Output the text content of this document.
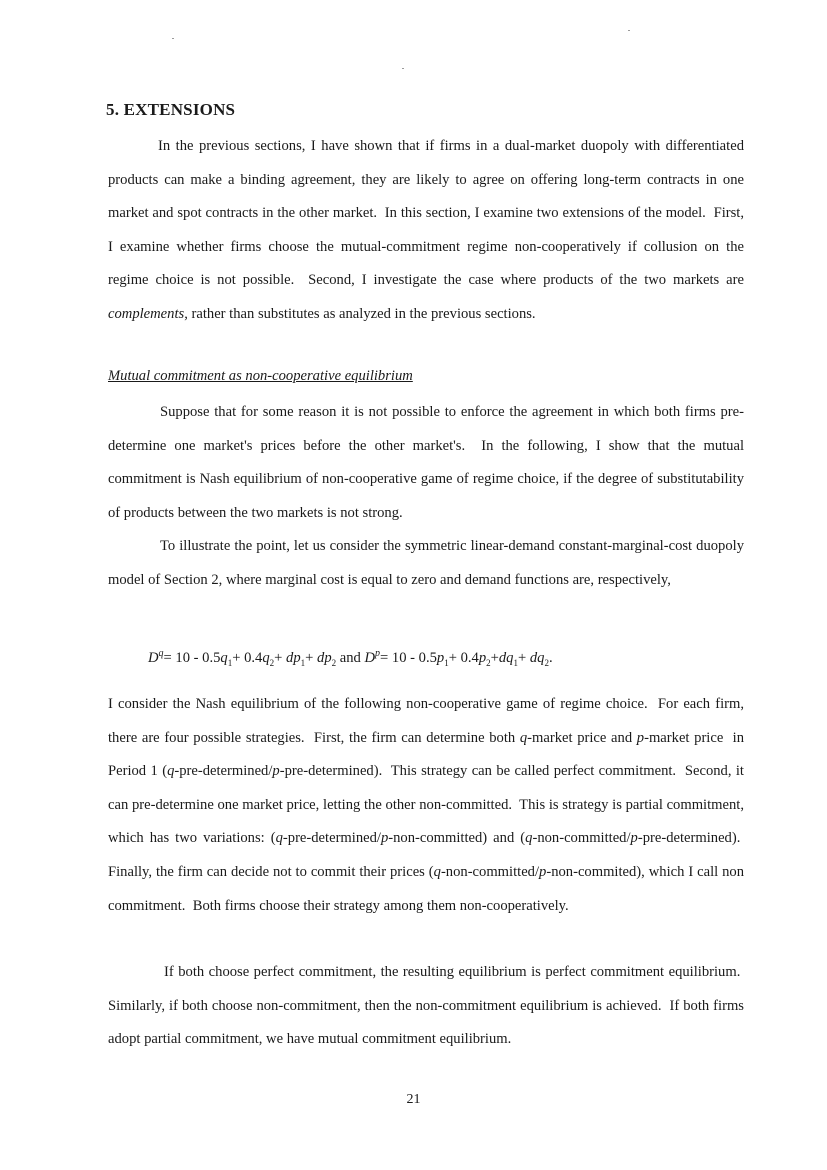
5. EXTENSIONS

In the previous sections, I have shown that if firms in a dual-market duopoly with differentiated products can make a binding agreement, they are likely to agree on offering long-term contracts in one market and spot contracts in the other market.  In this section, I examine two extensions of the model.  First, I examine whether firms choose the mutual-commitment regime non-cooperatively if collusion on the regime choice is not possible.  Second, I investigate the case where products of the two markets are complements, rather than substitutes as analyzed in the previous sections.

Mutual commitment as non-cooperative equilibrium

Suppose that for some reason it is not possible to enforce the agreement in which both firms pre-determine one market's prices before the other market's.  In the following, I show that the mutual commitment is Nash equilibrium of non-cooperative game of regime choice, if the degree of substitutability of products between the two markets is not strong.

To illustrate the point, let us consider the symmetric linear-demand constant-marginal-cost duopoly model of Section 2, where marginal cost is equal to zero and demand functions are, respectively,

$D^q= 10 - 0.5q_1+ 0.4q_2+ dp_1+ dp_2$ and $D^p= 10 - 0.5p_1+ 0.4p_2+dq_1+ dq_2$.

I consider the Nash equilibrium of the following non-cooperative game of regime choice.  For each firm, there are four possible strategies.  First, the firm can determine both q-market price and p-market price  in Period 1 (q-pre-determined/p-pre-determined).  This strategy can be called perfect commitment.  Second, it can pre-determine one market price, letting the other non-committed.  This is strategy is partial commitment, which has two variations: (q-pre-determined/p-non-committed) and (q-non-committed/p-pre-determined).  Finally, the firm can decide not to commit their prices (q-non-committed/p-non-commited), which I call non commitment.  Both firms choose their strategy among them non-cooperatively.

If both choose perfect commitment, the resulting equilibrium is perfect commitment equilibrium.  Similarly, if both choose non-commitment, then the non-commitment equilibrium is achieved.  If both firms adopt partial commitment, we have mutual commitment equilibrium.

21
